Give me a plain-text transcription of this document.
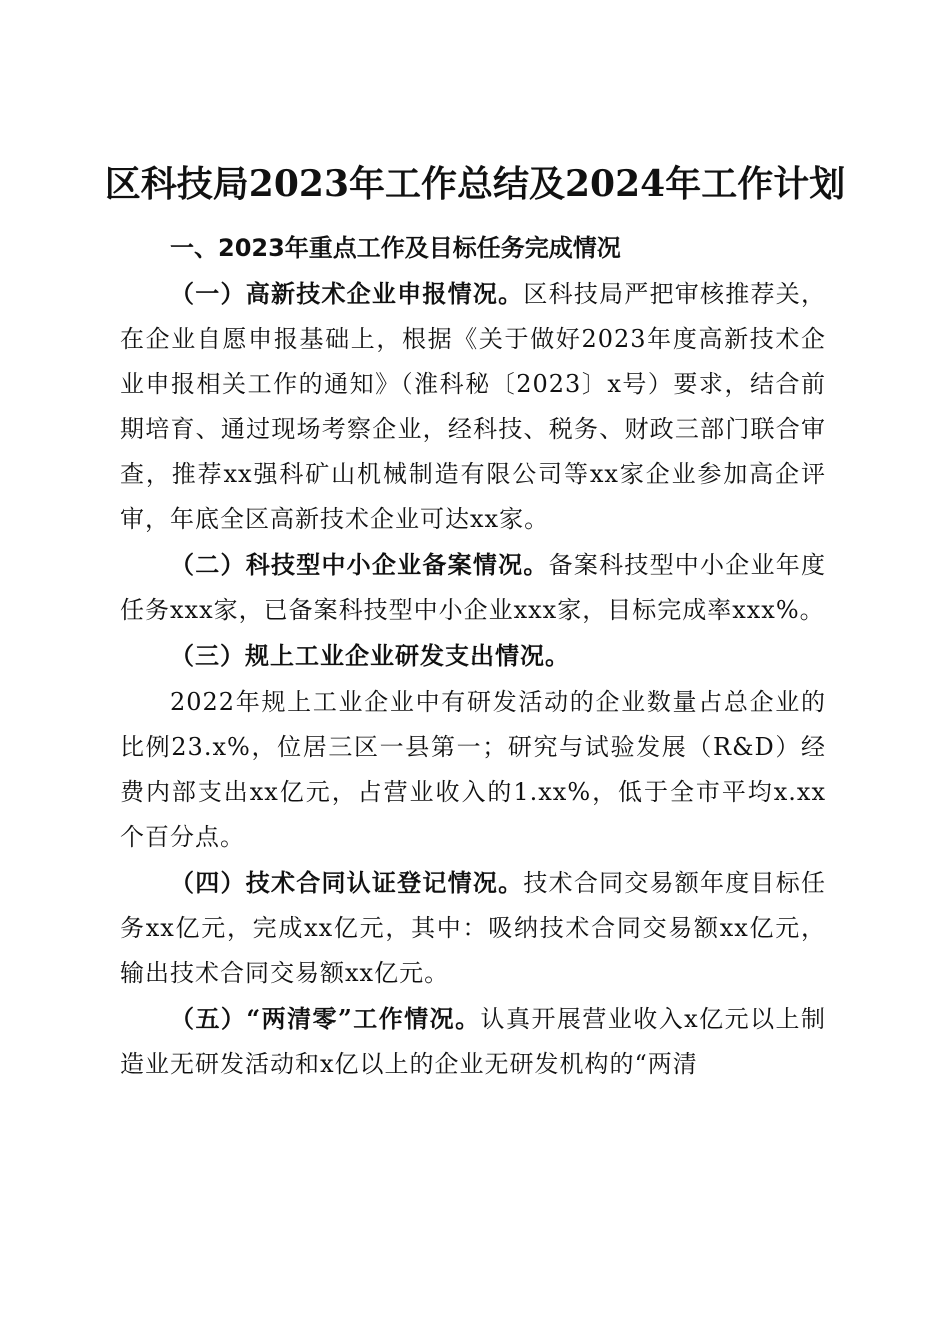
区科技局2023年工作总结及2024年工作计划

一、2023年重点工作及目标任务完成情况

（一）高新技术企业申报情况。区科技局严把审核推荐关，在企业自愿申报基础上，根据《关于做好2023年度高新技术企业申报相关工作的通知》（淮科秘〔2023〕x号）要求，结合前期培育、通过现场考察企业，经科技、税务、财政三部门联合审查，推荐xx强科矿山机械制造有限公司等xx家企业参加高企评审，年底全区高新技术企业可达xx家。

（二）科技型中小企业备案情况。备案科技型中小企业年度任务xxx家，已备案科技型中小企业xxx家，目标完成率xxx%。

（三）规上工业企业研发支出情况。

2022年规上工业企业中有研发活动的企业数量占总企业的比例23.x%，位居三区一县第一；研究与试验发展（R&D）经费内部支出xx亿元，占营业收入的1.xx%，低于全市平均x.xx个百分点。

（四）技术合同认证登记情况。技术合同交易额年度目标任务xx亿元，完成xx亿元，其中：吸纳技术合同交易额xx亿元，输出技术合同交易额xx亿元。

（五）“两清零”工作情况。认真开展营业收入x亿元以上制造业无研发活动和x亿以上的企业无研发机构的“两清
